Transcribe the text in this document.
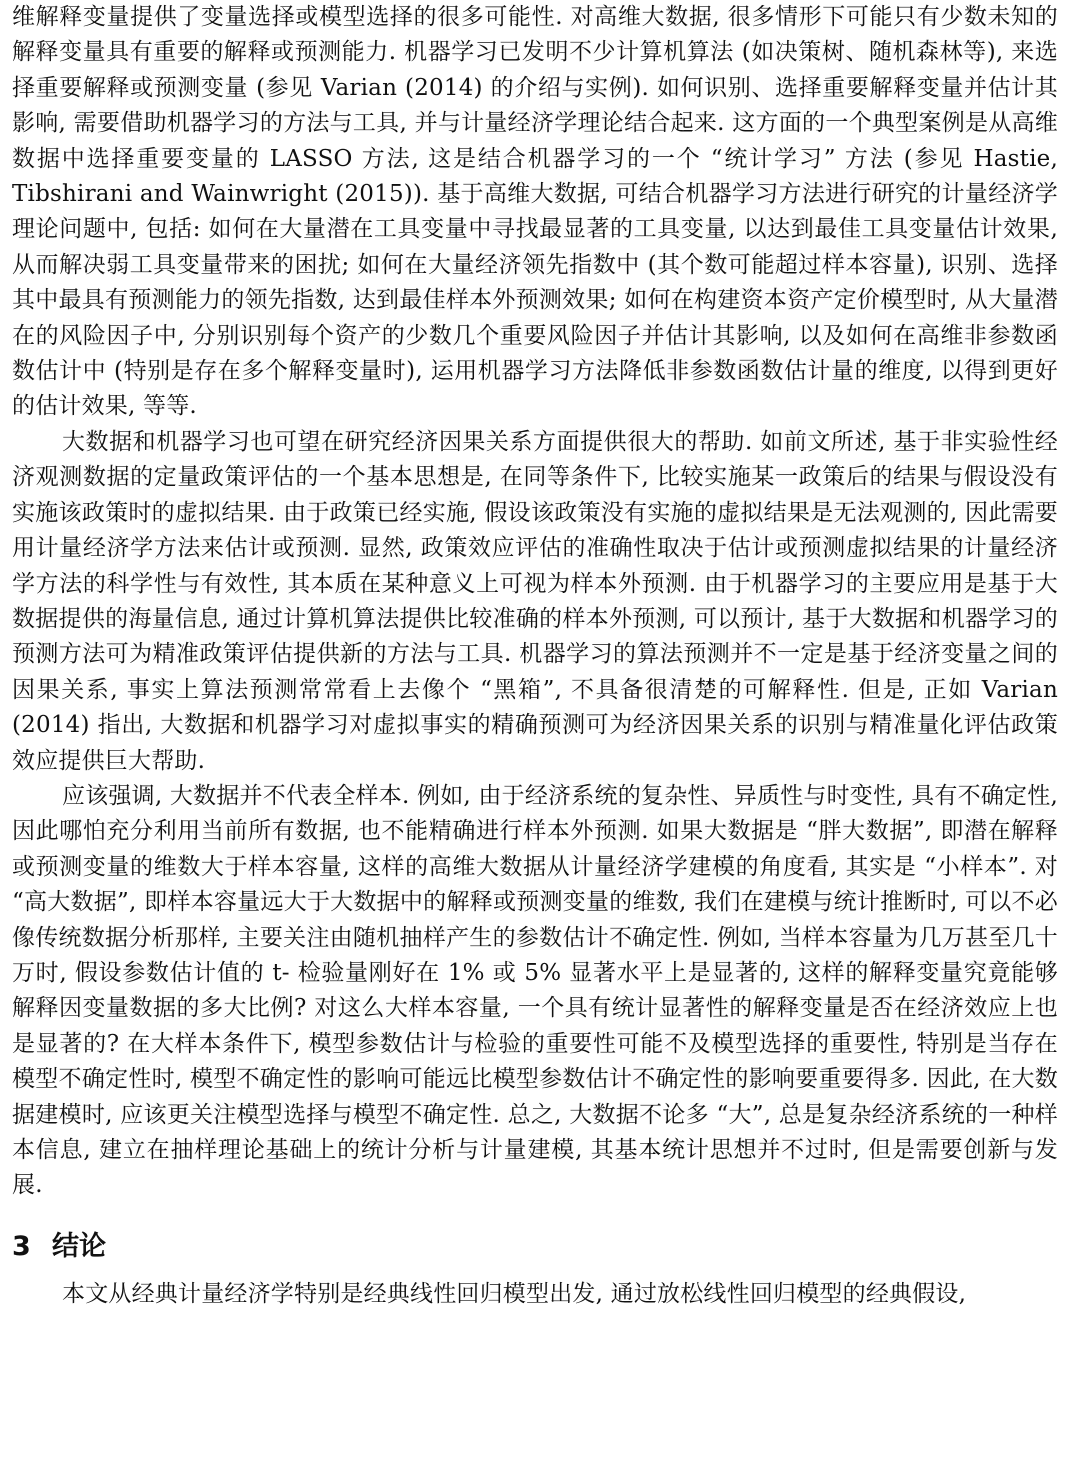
维解释变量提供了变量选择或模型选择的很多可能性. 对高维大数据, 很多情形下可能只有少数未知的解释变量具有重要的解释或预测能力. 机器学习已发明不少计算机算法 (如决策树、随机森林等), 来选择重要解释或预测变量 (参见 Varian (2014) 的介绍与实例). 如何识别、选择重要解释变量并估计其影响, 需要借助机器学习的方法与工具, 并与计量经济学理论结合起来. 这方面的一个典型案例是从高维数据中选择重要变量的 LASSO 方法, 这是结合机器学习的一个 “统计学习” 方法 (参见 Hastie, Tibshirani and Wainwright (2015)). 基于高维大数据, 可结合机器学习方法进行研究的计量经济学理论问题中, 包括: 如何在大量潜在工具变量中寻找最显著的工具变量, 以达到最佳工具变量估计效果, 从而解决弱工具变量带来的困扰; 如何在大量经济领先指数中 (其个数可能超过样本容量), 识别、选择其中最具有预测能力的领先指数, 达到最佳样本外预测效果; 如何在构建资本资产定价模型时, 从大量潜在的风险因子中, 分别识别每个资产的少数几个重要风险因子并估计其影响, 以及如何在高维非参数函数估计中 (特别是存在多个解释变量时), 运用机器学习方法降低非参数函数估计量的维度, 以得到更好的估计效果, 等等.

大数据和机器学习也可望在研究经济因果关系方面提供很大的帮助. 如前文所述, 基于非实验性经济观测数据的定量政策评估的一个基本思想是, 在同等条件下, 比较实施某一政策后的结果与假设没有实施该政策时的虚拟结果. 由于政策已经实施, 假设该政策没有实施的虚拟结果是无法观测的, 因此需要用计量经济学方法来估计或预测. 显然, 政策效应评估的准确性取决于估计或预测虚拟结果的计量经济学方法的科学性与有效性, 其本质在某种意义上可视为样本外预测. 由于机器学习的主要应用是基于大数据提供的海量信息, 通过计算机算法提供比较准确的样本外预测, 可以预计, 基于大数据和机器学习的预测方法可为精准政策评估提供新的方法与工具. 机器学习的算法预测并不一定是基于经济变量之间的因果关系, 事实上算法预测常常看上去像个 “黑箱”, 不具备很清楚的可解释性. 但是, 正如 Varian (2014) 指出, 大数据和机器学习对虚拟事实的精确预测可为经济因果关系的识别与精准量化评估政策效应提供巨大帮助.

应该强调, 大数据并不代表全样本. 例如, 由于经济系统的复杂性、异质性与时变性, 具有不确定性, 因此哪怕充分利用当前所有数据, 也不能精确进行样本外预测. 如果大数据是 “胖大数据”, 即潜在解释或预测变量的维数大于样本容量, 这样的高维大数据从计量经济学建模的角度看, 其实是 “小样本”. 对 “高大数据”, 即样本容量远大于大数据中的解释或预测变量的维数, 我们在建模与统计推断时, 可以不必像传统数据分析那样, 主要关注由随机抽样产生的参数估计不确定性. 例如, 当样本容量为几万甚至几十万时, 假设参数估计值的 t- 检验量刚好在 1% 或 5% 显著水平上是显著的, 这样的解释变量究竟能够解释因变量数据的多大比例? 对这么大样本容量, 一个具有统计显著性的解释变量是否在经济效应上也是显著的? 在大样本条件下, 模型参数估计与检验的重要性可能不及模型选择的重要性, 特别是当存在模型不确定性时, 模型不确定性的影响可能远比模型参数估计不确定性的影响要重要得多. 因此, 在大数据建模时, 应该更关注模型选择与模型不确定性. 总之, 大数据不论多 “大”, 总是复杂经济系统的一种样本信息, 建立在抽样理论基础上的统计分析与计量建模, 其基本统计思想并不过时, 但是需要创新与发展.

3 结论

本文从经典计量经济学特别是经典线性回归模型出发, 通过放松线性回归模型的经典假设,
